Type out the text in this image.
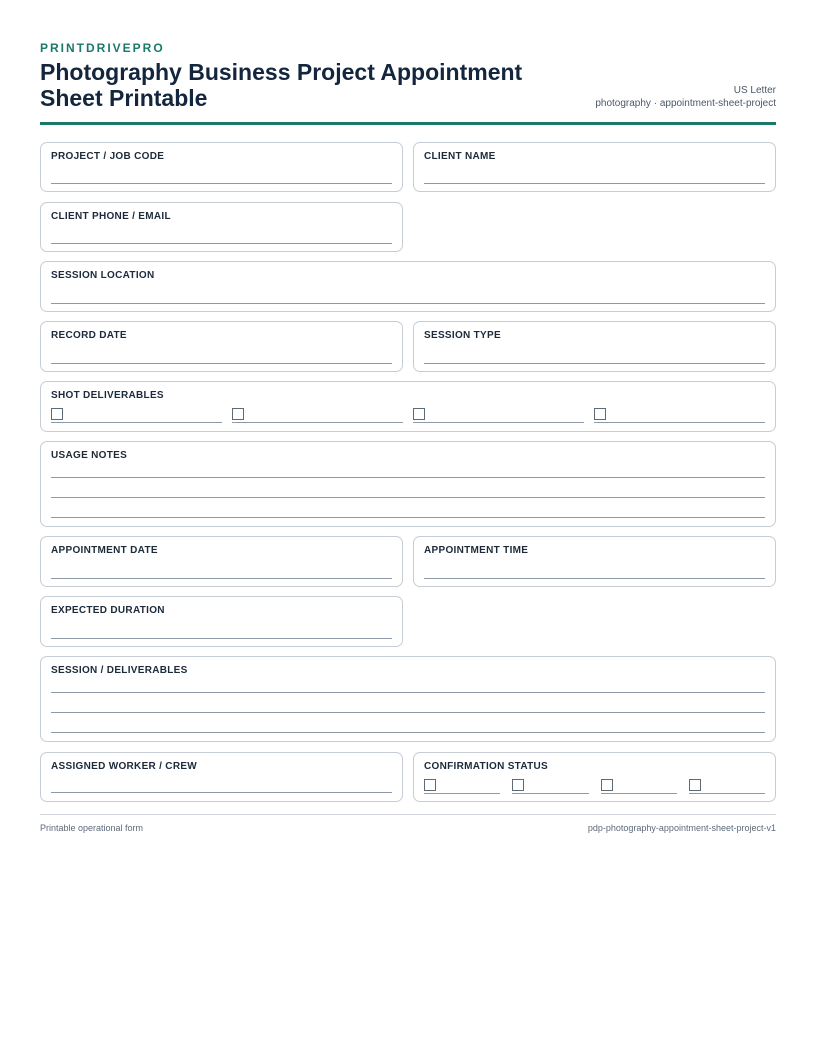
PRINTDRIVEPRO
Photography Business Project Appointment Sheet Printable	US Letter
photography · appointment-sheet-project
PROJECT / JOB CODE	CLIENT NAME
CLIENT PHONE / EMAIL
SESSION LOCATION
RECORD DATE	SESSION TYPE
SHOT DELIVERABLES
USAGE NOTES
APPOINTMENT DATE	APPOINTMENT TIME
EXPECTED DURATION
SESSION / DELIVERABLES
ASSIGNED WORKER / CREW	CONFIRMATION STATUS
Printable operational form	pdp-photography-appointment-sheet-project-v1
